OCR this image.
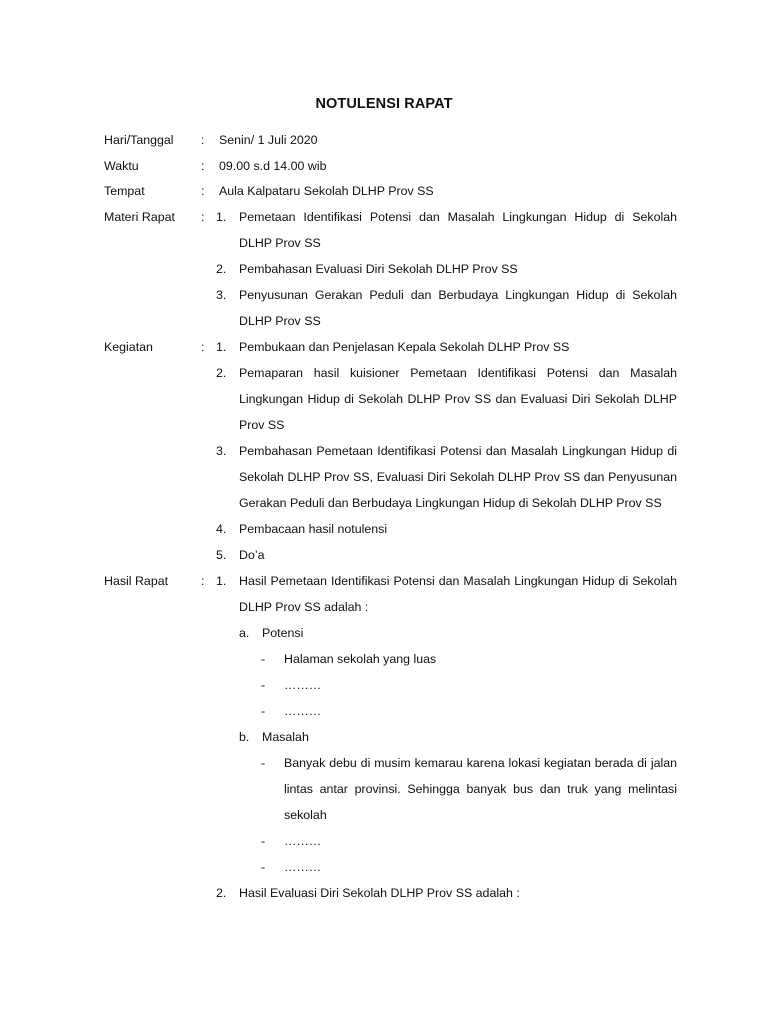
NOTULENSI RAPAT
Hari/Tanggal : Senin/ 1 Juli 2020
Waktu	: 09.00 s.d 14.00 wib
Tempat	: Aula Kalpataru Sekolah DLHP Prov SS
Materi Rapat : 1. Pemetaan Identifikasi Potensi dan Masalah Lingkungan Hidup di Sekolah DLHP Prov SS
2. Pembahasan Evaluasi Diri Sekolah DLHP Prov SS
3. Penyusunan Gerakan Peduli dan Berbudaya Lingkungan Hidup di Sekolah DLHP Prov SS
Kegiatan	: 1. Pembukaan dan Penjelasan Kepala Sekolah DLHP Prov SS
2. Pemaparan hasil kuisioner Pemetaan Identifikasi Potensi dan Masalah Lingkungan Hidup di Sekolah DLHP Prov SS dan Evaluasi Diri Sekolah DLHP Prov SS
3. Pembahasan Pemetaan Identifikasi Potensi dan Masalah Lingkungan Hidup di Sekolah DLHP Prov SS, Evaluasi Diri Sekolah DLHP Prov SS dan Penyusunan Gerakan Peduli dan Berbudaya Lingkungan Hidup di Sekolah DLHP Prov SS
4. Pembacaan hasil notulensi
5. Do’a
Hasil Rapat	: 1. Hasil Pemetaan Identifikasi Potensi dan Masalah Lingkungan Hidup di Sekolah DLHP Prov SS adalah :
a. Potensi
- Halaman sekolah yang luas
- ………
- ………
b. Masalah
- Banyak debu di musim kemarau karena lokasi kegiatan berada di jalan lintas antar provinsi. Sehingga banyak bus dan truk yang melintasi sekolah
- ………
- ………
2. Hasil Evaluasi Diri Sekolah DLHP Prov SS adalah :
